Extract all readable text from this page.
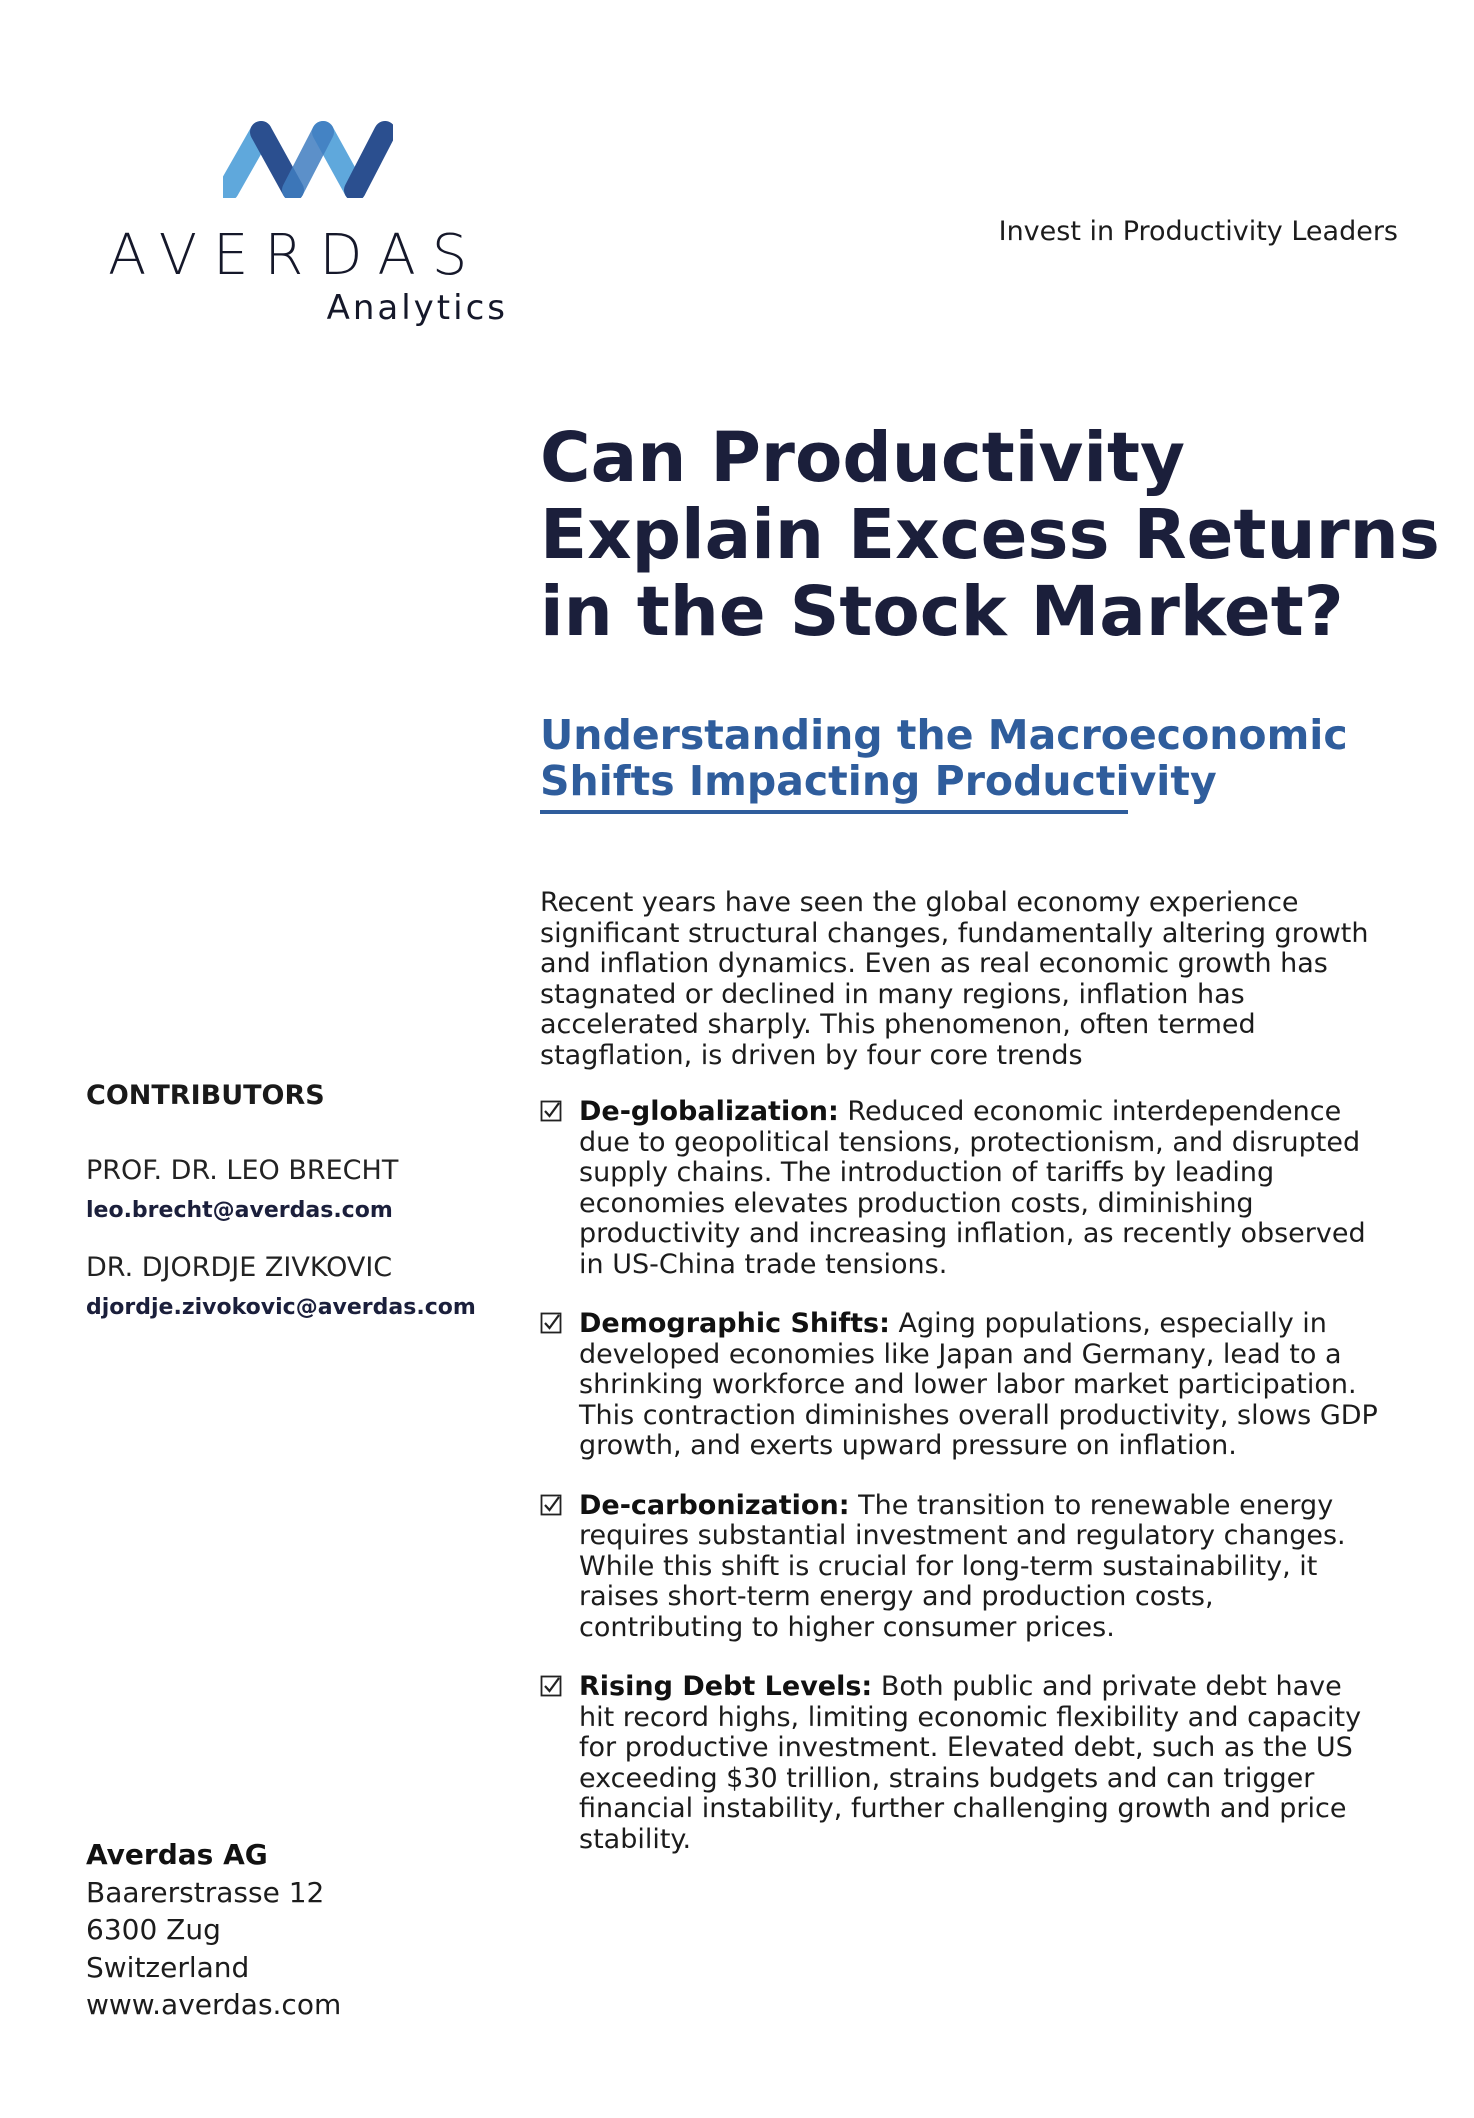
AVERDAS
Analytics
Invest in Productivity Leaders
Can Productivity Explain Excess Returns in the Stock Market?
Understanding the Macroeconomic Shifts Impacting Productivity

Recent years have seen the global economy experience significant structural changes, fundamentally altering growth and inflation dynamics. Even as real economic growth has stagnated or declined in many regions, inflation has accelerated sharply. This phenomenon, often termed stagflation, is driven by four core trends

De-globalization: Reduced economic interdependence due to geopolitical tensions, protectionism, and disrupted supply chains. The introduction of tariffs by leading economies elevates production costs, diminishing productivity and increasing inflation, as recently observed in US-China trade tensions.
Demographic Shifts: Aging populations, especially in developed economies like Japan and Germany, lead to a shrinking workforce and lower labor market participation. This contraction diminishes overall productivity, slows GDP growth, and exerts upward pressure on inflation.
De-carbonization: The transition to renewable energy requires substantial investment and regulatory changes. While this shift is crucial for long-term sustainability, it raises short-term energy and production costs, contributing to higher consumer prices.
Rising Debt Levels: Both public and private debt have hit record highs, limiting economic flexibility and capacity for productive investment. Elevated debt, such as the US exceeding $30 trillion, strains budgets and can trigger financial instability, further challenging growth and price stability.
CONTRIBUTORS
PROF. DR. LEO BRECHT
leo.brecht@averdas.com
DR. DJORDJE ZIVKOVIC
djordje.zivokovic@averdas.com
Averdas AG
Baarerstrasse 12
6300 Zug
Switzerland
www.averdas.com
